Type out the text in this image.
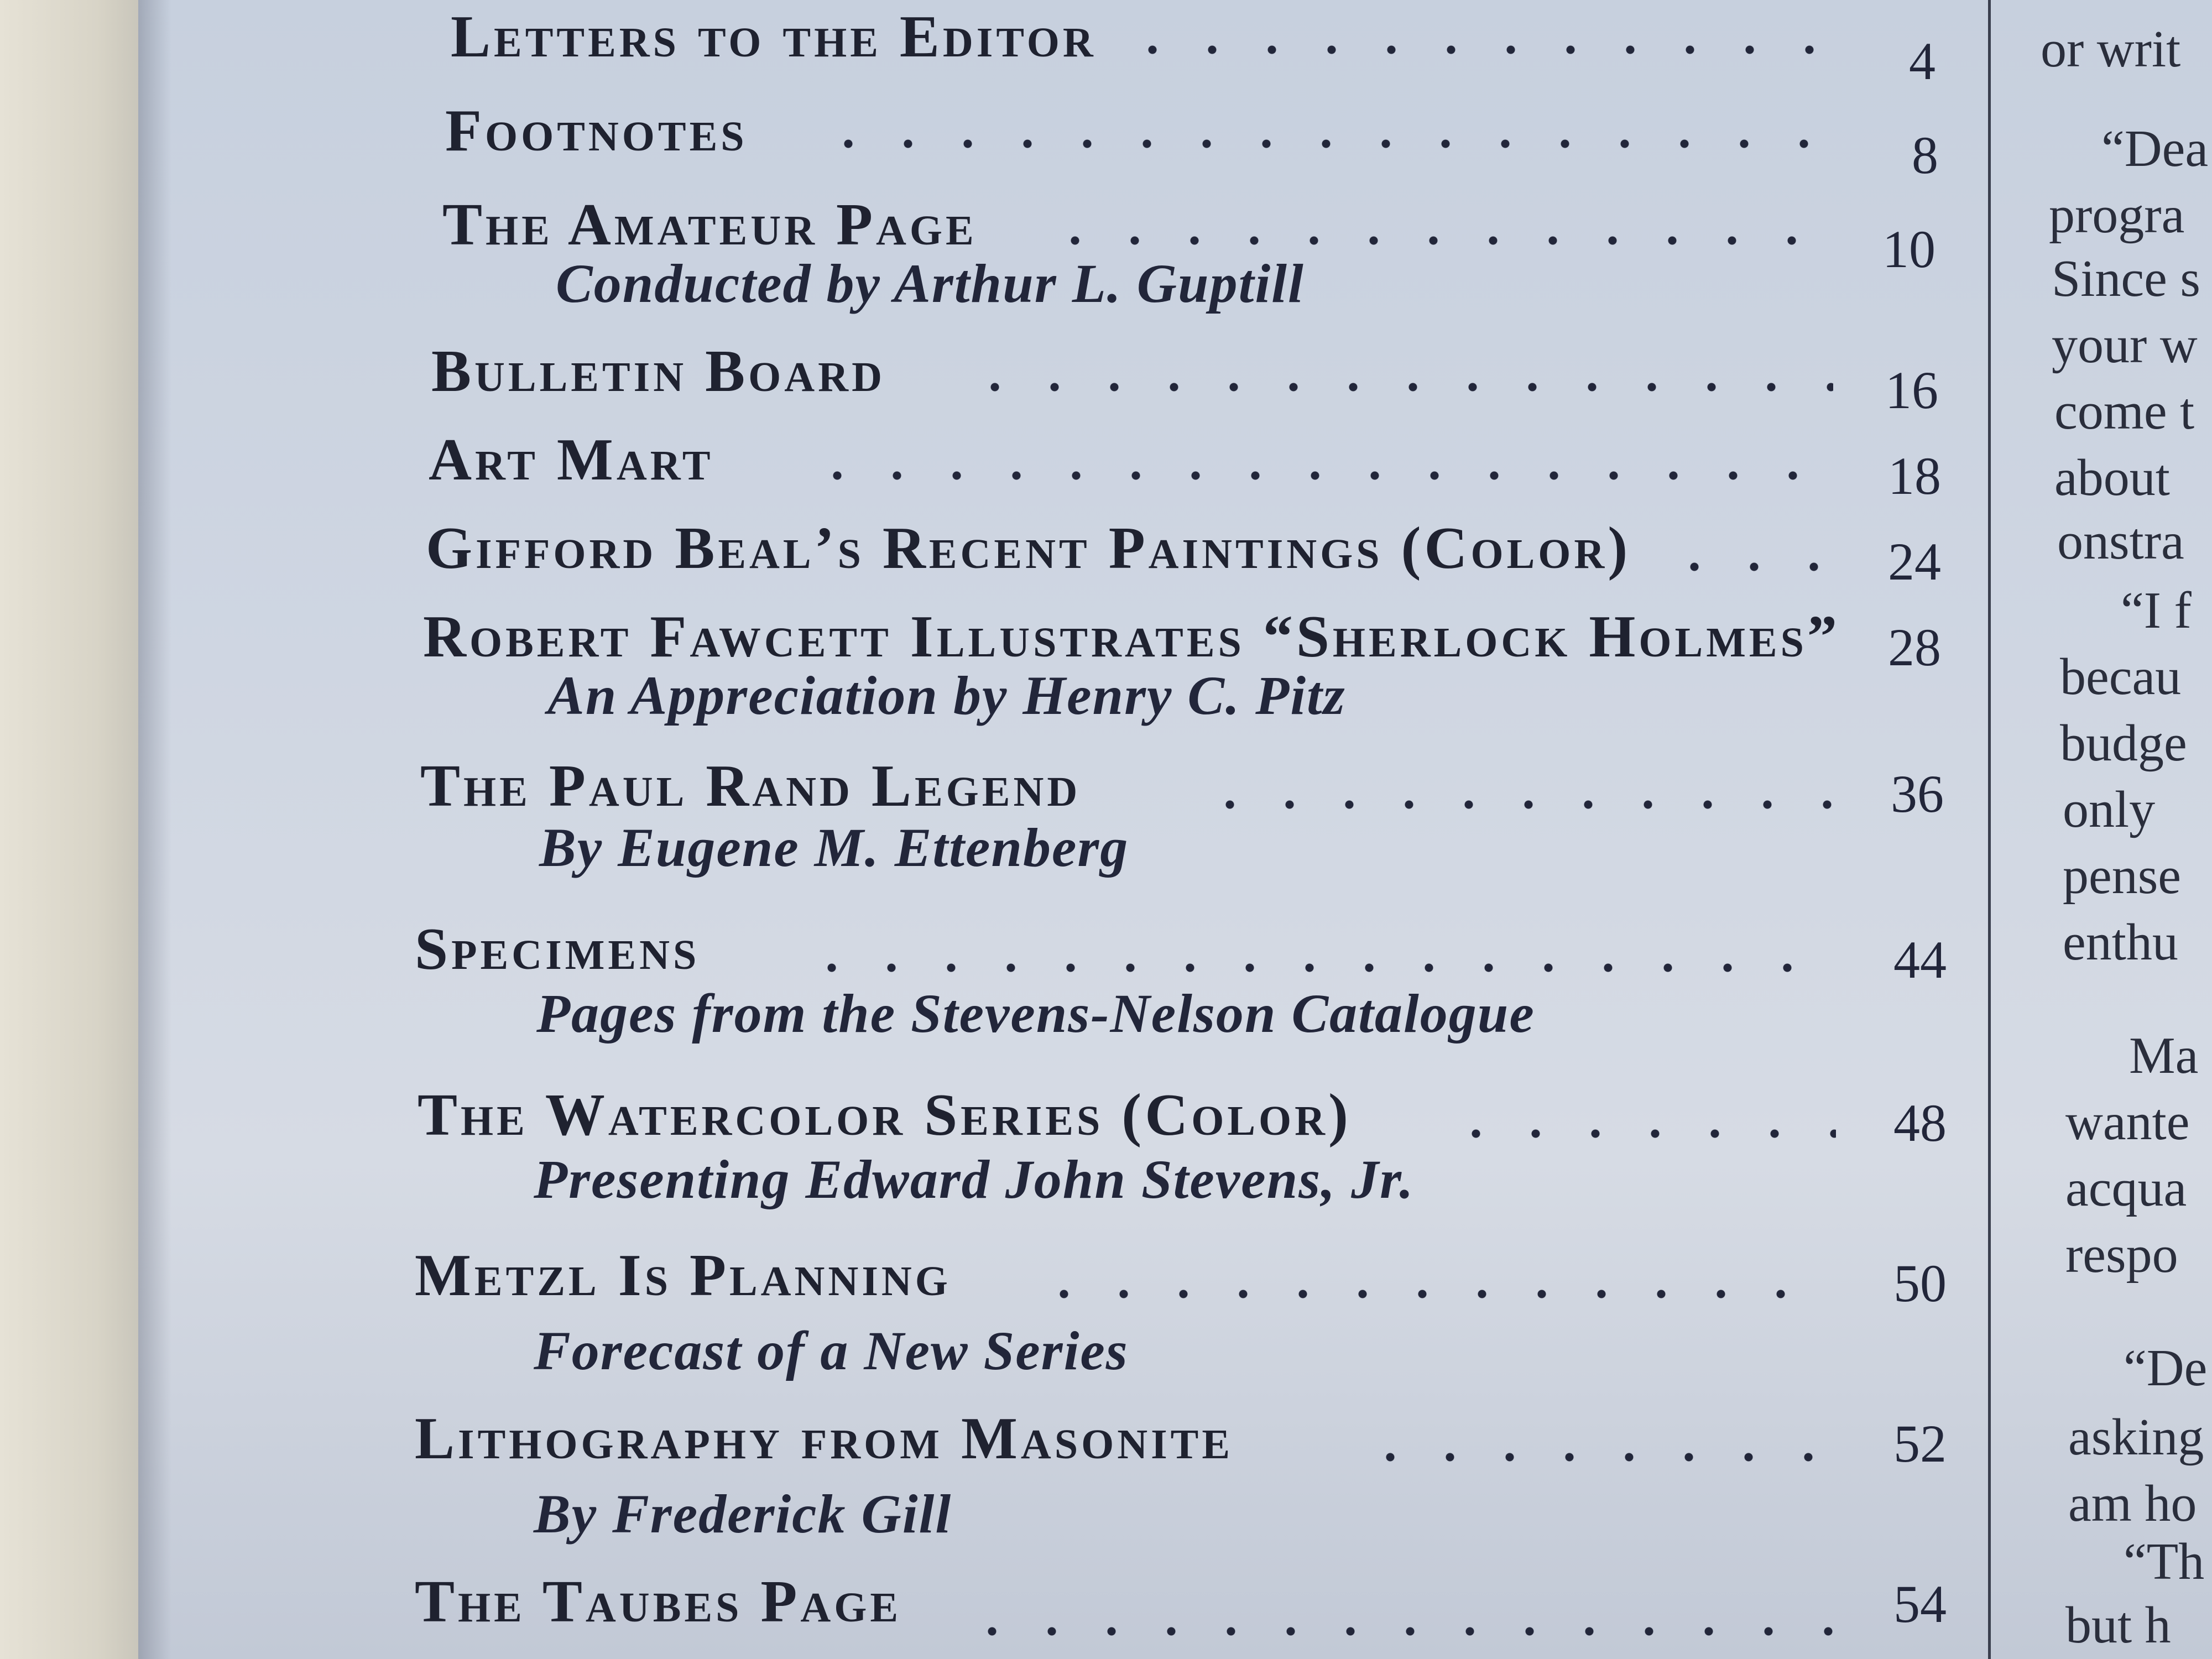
Letters to the Editor	4
Footnotes	8
The Amateur Page	10
Conducted by Arthur L. Guptill
Bulletin Board	16
Art Mart	18
Gifford Beal’s Recent Paintings (Color)	24
Robert Fawcett Illustrates “Sherlock Holmes” 28
An Appreciation by Henry C. Pitz
The Paul Rand Legend	36
By Eugene M. Ettenberg
Specimens	44
Pages from the Stevens-Nelson Catalogue
The Watercolor Series (Color)	48
Presenting Edward John Stevens, Jr.
Metzl Is Planning	50
Forecast of a New Series
Lithography from Masonite	52
By Frederick Gill
The Taubes Page	54
or writ
“Dea
progra
Since s
your w
come t
about
onstra
“I f
becau
budge
only
pense
enthu
Ma
wante
acqua
respo
“De
asking
am ho
“Th
but h
